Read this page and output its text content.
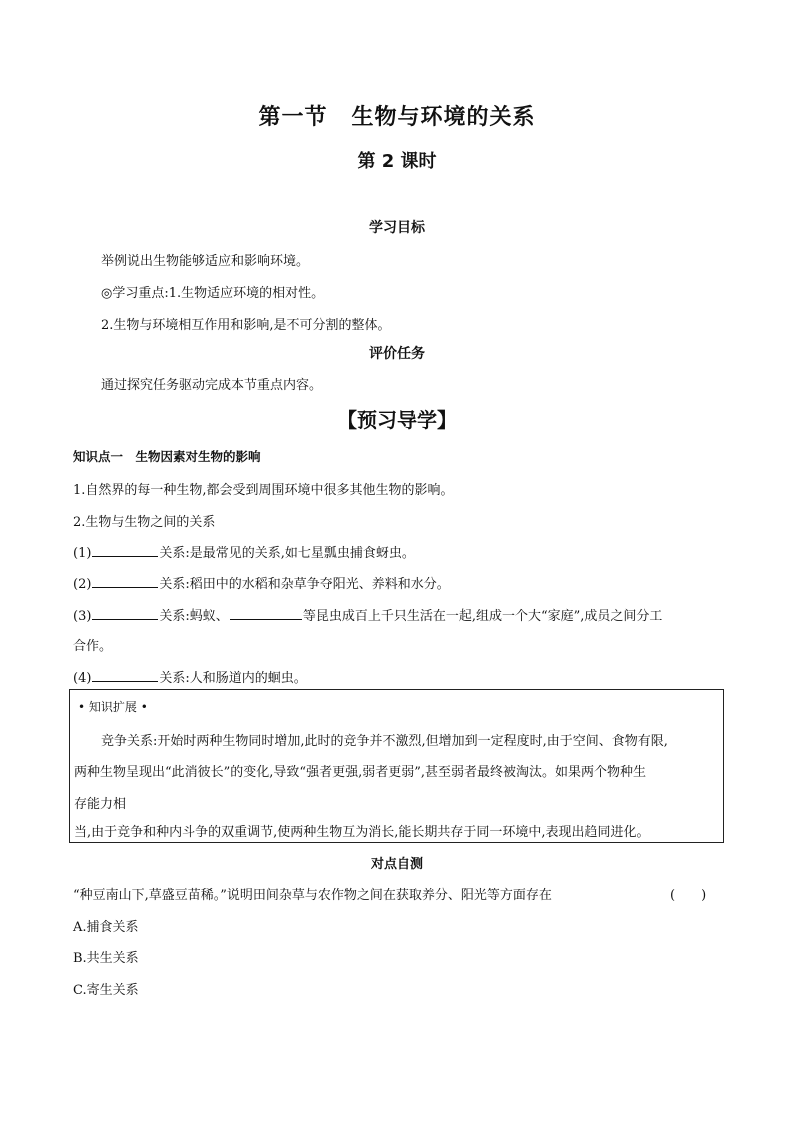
第一节 生物与环境的关系
第 2 课时
学习目标
举例说出生物能够适应和影响环境。
◎学习重点:1.生物适应环境的相对性。
2.生物与环境相互作用和影响,是不可分割的整体。
评价任务
通过探究任务驱动完成本节重点内容。
【预习导学】
知识点一　生物因素对生物的影响
1.自然界的每一种生物,都会受到周围环境中很多其他生物的影响。
2.生物与生物之间的关系
(1)	关系:是最常见的关系,如七星瓢虫捕食蚜虫。
(2)	关系:稻田中的水稻和杂草争夺阳光、养料和水分。
(3)	关系:蚂蚁、	等昆虫成百上千只生活在一起,组成一个大“家庭”,成员之间分工
合作。
(4)	关系:人和肠道内的蛔虫。
• 知识扩展 •
竞争关系:开始时两种生物同时增加,此时的竞争并不激烈,但增加到一定程度时,由于空间、食物有限,
两种生物呈现出“此消彼长”的变化,导致“强者更强,弱者更弱”,甚至弱者最终被淘汰。如果两个物种生
存能力相
当,由于竞争和种内斗争的双重调节,使两种生物互为消长,能长期共存于同一环境中,表现出趋同进化。
对点自测
“种豆南山下,草盛豆苗稀。”说明田间杂草与农作物之间在获取养分、阳光等方面存在	(　　)
A.捕食关系
B.共生关系
C.寄生关系
